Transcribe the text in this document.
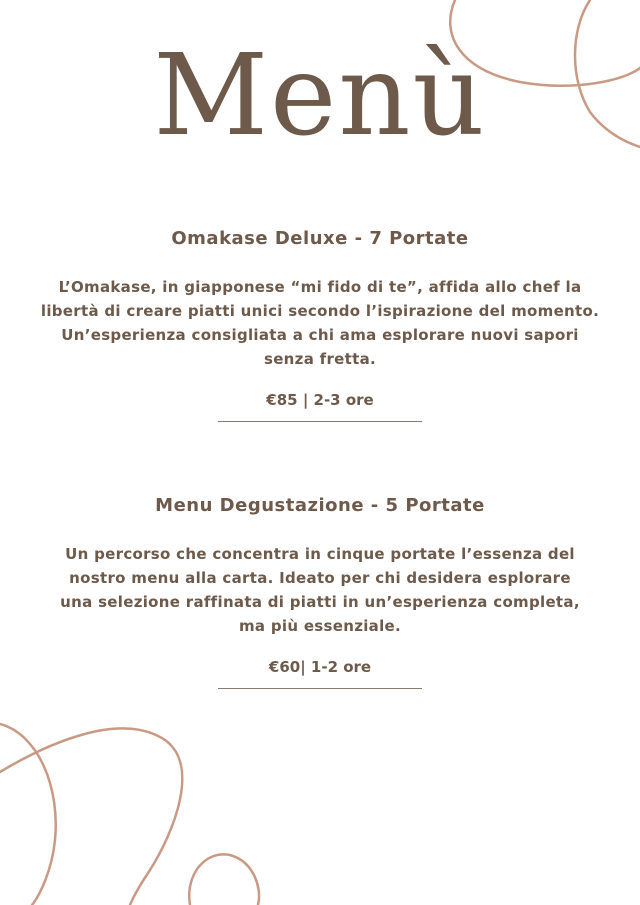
Menù
Omakase Deluxe - 7 Portate

L’Omakase, in giapponese “mi fido di te”, affida allo chef la

libertà di creare piatti unici secondo l’ispirazione del momento.

Un’esperienza consigliata a chi ama esplorare nuovi sapori

senza fretta.

€85 | 2-3 ore

Menu Degustazione - 5 Portate

Un percorso che concentra in cinque portate l’essenza del

nostro menu alla carta. Ideato per chi desidera esplorare

una selezione raffinata di piatti in un’esperienza completa,

ma più essenziale.

€60| 1-2 ore
